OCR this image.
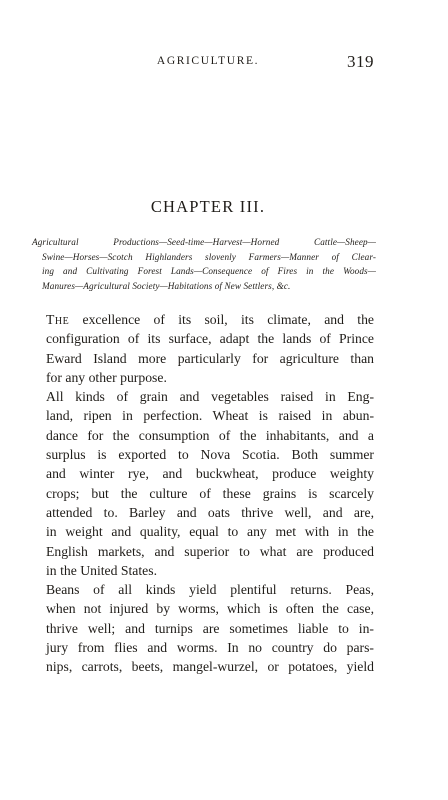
AGRICULTURE.	319
CHAPTER III.
Agricultural Productions—Seed-time—Harvest—Horned Cattle—Sheep—
Swine—Horses—Scotch Highlanders slovenly Farmers—Manner of Clear-
ing and Cultivating Forest Lands—Consequence of Fires in the Woods—
Manures—Agricultural Society—Habitations of New Settlers, &c.
The excellence of its soil, its climate, and the
configuration of its surface, adapt the lands of Prince
Eward Island more particularly for agriculture than
for any other purpose.
All kinds of grain and vegetables raised in Eng-
land, ripen in perfection. Wheat is raised in abun-
dance for the consumption of the inhabitants, and a
surplus is exported to Nova Scotia. Both summer
and winter rye, and buckwheat, produce weighty
crops; but the culture of these grains is scarcely
attended to. Barley and oats thrive well, and are,
in weight and quality, equal to any met with in the
English markets, and superior to what are produced
in the United States.
Beans of all kinds yield plentiful returns. Peas,
when not injured by worms, which is often the case,
thrive well; and turnips are sometimes liable to in-
jury from flies and worms. In no country do pars-
nips, carrots, beets, mangel-wurzel, or potatoes, yield
